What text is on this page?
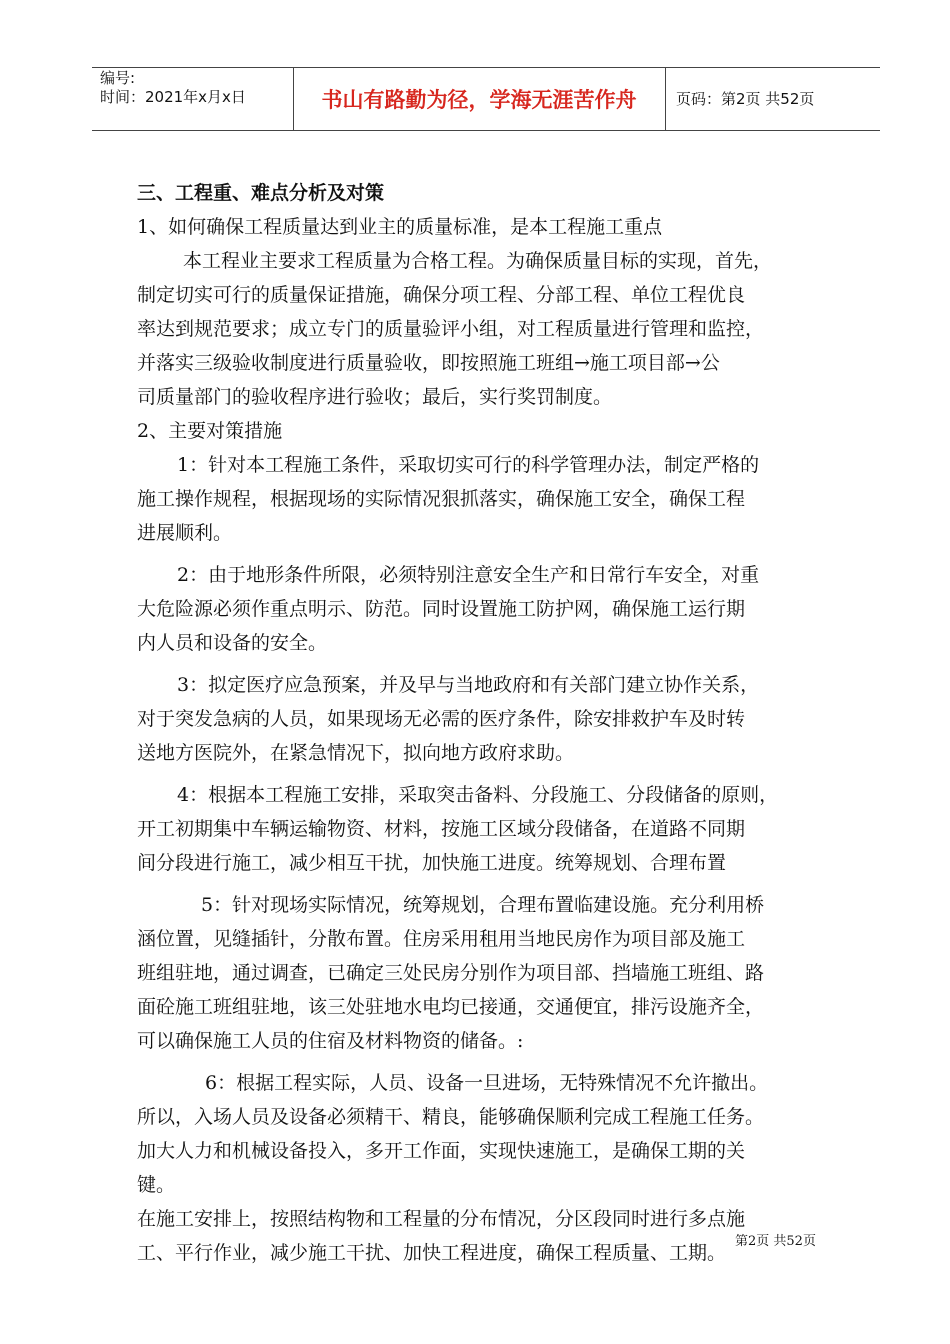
编号:
时间：2021年x月x日	书山有路勤为径，学海无涯苦作舟	页码：第2页 共52页
三、工程重、难点分析及对策
1、如何确保工程质量达到业主的质量标准，是本工程施工重点
本工程业主要求工程质量为合格工程。为确保质量目标的实现，首先，
制定切实可行的质量保证措施，确保分项工程、分部工程、单位工程优良
率达到规范要求；成立专门的质量验评小组，对工程质量进行管理和监控，
并落实三级验收制度进行质量验收，即按照施工班组→施工项目部→公
司质量部门的验收程序进行验收；最后，实行奖罚制度。
2、主要对策措施
1：针对本工程施工条件，采取切实可行的科学管理办法，制定严格的
施工操作规程，根据现场的实际情况狠抓落实，确保施工安全，确保工程
进展顺利。
2：由于地形条件所限，必须特别注意安全生产和日常行车安全，对重
大危险源必须作重点明示、防范。同时设置施工防护网，确保施工运行期
内人员和设备的安全。
3：拟定医疗应急预案，并及早与当地政府和有关部门建立协作关系，
对于突发急病的人员，如果现场无必需的医疗条件，除安排救护车及时转
送地方医院外，在紧急情况下，拟向地方政府求助。
4：根据本工程施工安排，采取突击备料、分段施工、分段储备的原则，
开工初期集中车辆运输物资、材料，按施工区域分段储备，在道路不同期
间分段进行施工，减少相互干扰，加快施工进度。统筹规划、合理布置
5：针对现场实际情况，统筹规划，合理布置临建设施。充分利用桥
涵位置，见缝插针，分散布置。住房采用租用当地民房作为项目部及施工
班组驻地，通过调查，已确定三处民房分别作为项目部、挡墙施工班组、路
面砼施工班组驻地，该三处驻地水电均已接通，交通便宜，排污设施齐全，
可以确保施工人员的住宿及材料物资的储备。:
6：根据工程实际，人员、设备一旦进场，无特殊情况不允许撤出。
所以，入场人员及设备必须精干、精良，能够确保顺利完成工程施工任务。
加大人力和机械设备投入，多开工作面，实现快速施工，是确保工期的关
键。
在施工安排上，按照结构物和工程量的分布情况，分区段同时进行多点施
工、平行作业，减少施工干扰、加快工程进度，确保工程质量、工期。
第2页 共52页
